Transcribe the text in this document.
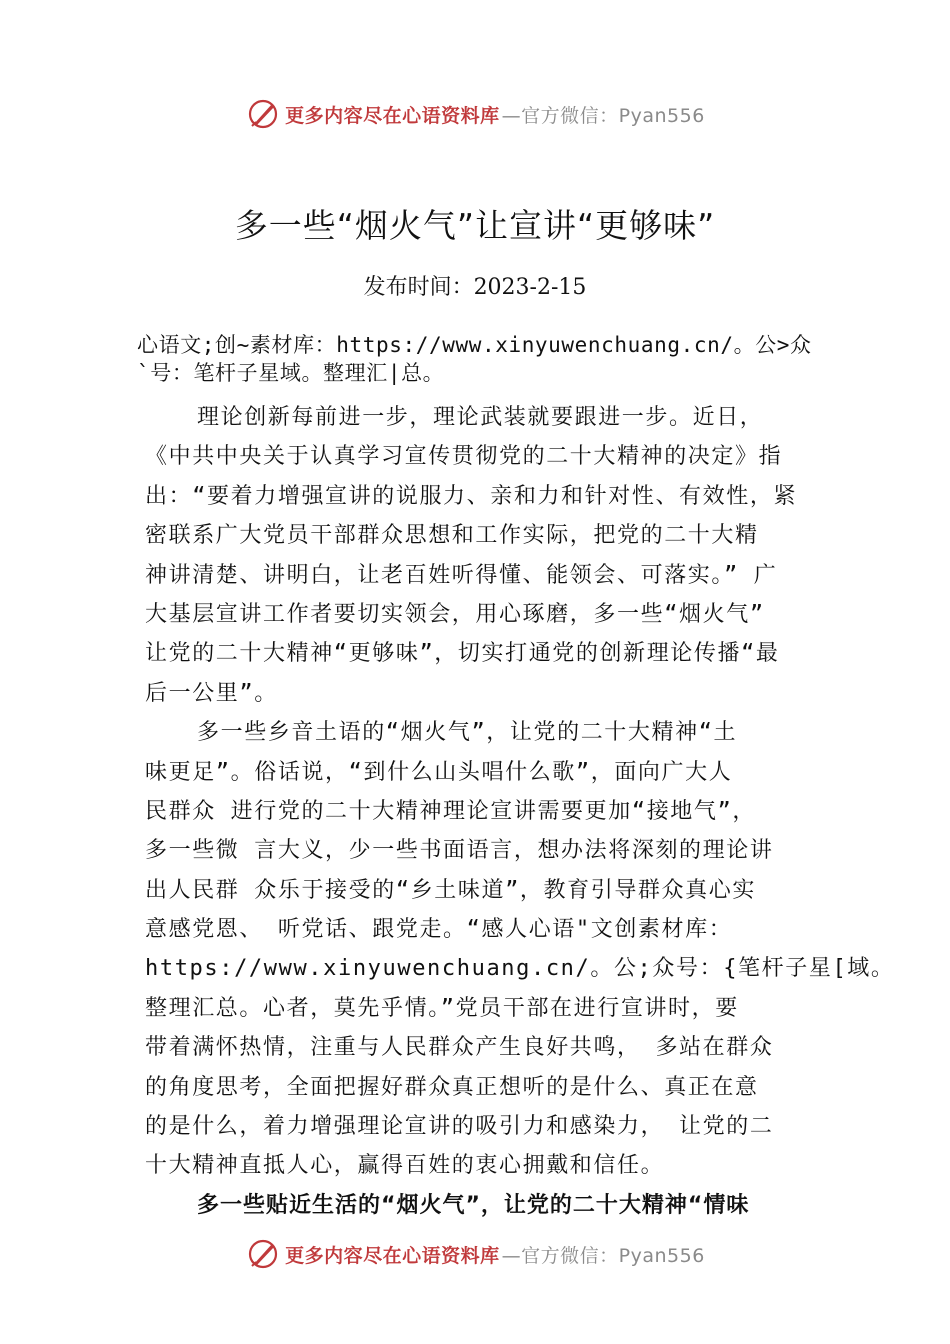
更多内容尽在心语资料库 —官方微信：Pyan556
多一些“烟火气”让宣讲“更够味”
发布时间：2023-2-15
心语文;创~素材库：https://www.xinyuwenchuang.cn/。公>众
`号：笔杆子星域。整理汇|总。
理论创新每前进一步，理论武装就要跟进一步。近日，
《中共中央关于认真学习宣传贯彻党的二十大精神的决定》指
出：“要着力增强宣讲的说服力、亲和力和针对性、有效性，紧
密联系广大党员干部群众思想和工作实际，把党的二十大精
神讲清楚、讲明白，让老百姓听得懂、能领会、可落实。” 广
大基层宣讲工作者要切实领会，用心琢磨，多一些“烟火气”
让党的二十大精神“更够味”，切实打通党的创新理论传播“最
后一公里”。
多一些乡音土语的“烟火气”，让党的二十大精神“土
味更足”。俗话说，“到什么山头唱什么歌”，面向广大人
民群众 进行党的二十大精神理论宣讲需要更加“接地气”，
多一些微 言大义，少一些书面语言，想办法将深刻的理论讲
出人民群 众乐于接受的“乡土味道”，教育引导群众真心实
意感党恩、 听党话、跟党走。“感人心语"文创素材库：
https://www.xinyuwenchuang.cn/。公;众号：{笔杆子星[域。
整理汇总。心者，莫先乎情。”党员干部在进行宣讲时，要
带着满怀热情，注重与人民群众产生良好共鸣， 多站在群众
的角度思考，全面把握好群众真正想听的是什么、真正在意
的是什么，着力增强理论宣讲的吸引力和感染力， 让党的二
十大精神直抵人心，赢得百姓的衷心拥戴和信任。
多一些贴近生活的“烟火气”，让党的二十大精神“情味
更多内容尽在心语资料库 —官方微信：Pyan556
